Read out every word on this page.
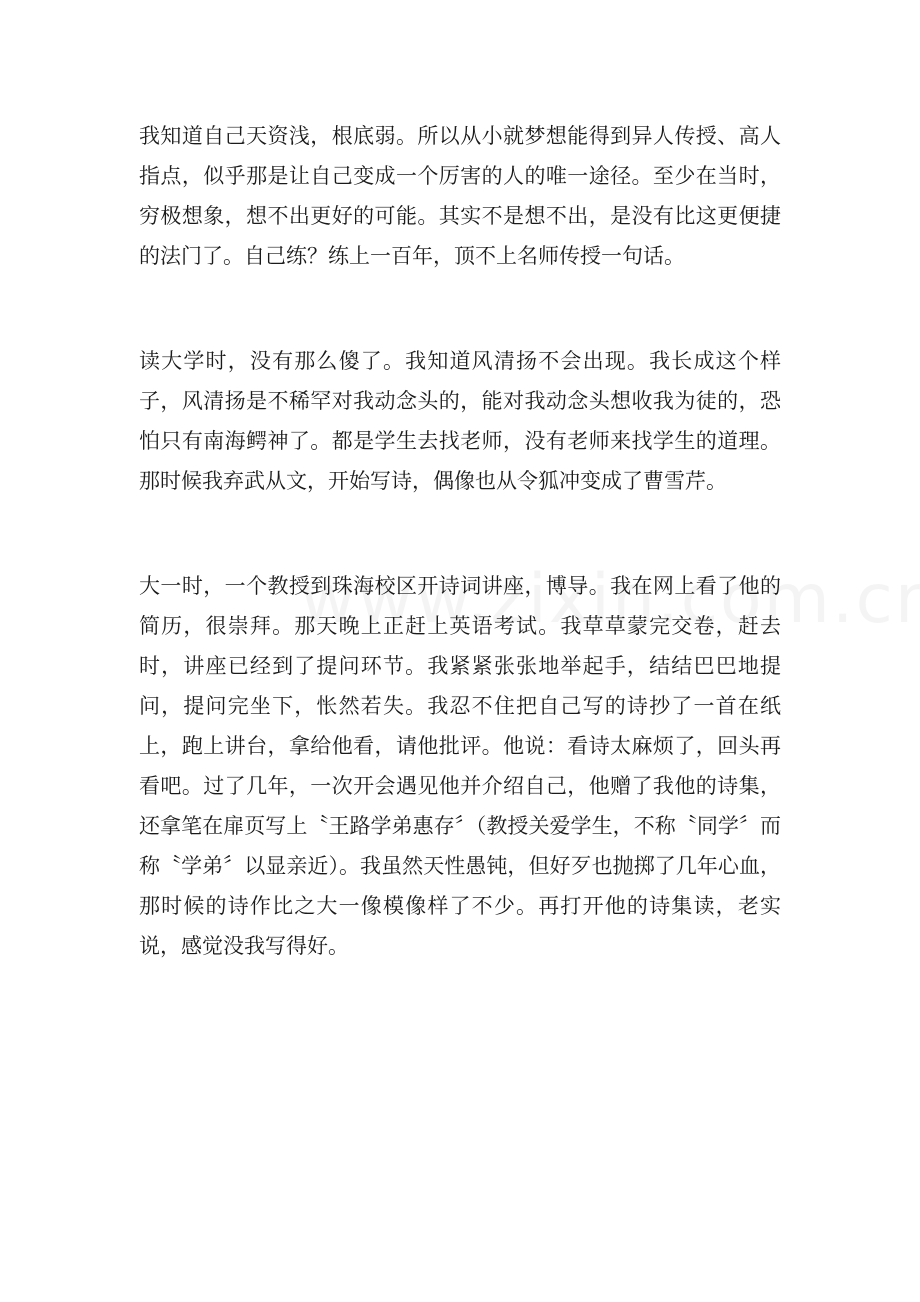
我知道自己天资浅，根底弱。所以从小就梦想能得到异人传授、高人指点，似乎那是让自己变成一个厉害的人的唯一途径。至少在当时，穷极想象，想不出更好的可能。其实不是想不出，是没有比这更便捷的法门了。自己练？练上一百年，顶不上名师传授一句话。

读大学时，没有那么傻了。我知道风清扬不会出现。我长成这个样子，风清扬是不稀罕对我动念头的，能对我动念头想收我为徒的，恐怕只有南海鳄神了。都是学生去找老师，没有老师来找学生的道理。那时候我弃武从文，开始写诗，偶像也从令狐冲变成了曹雪芹。

大一时，一个教授到珠海校区开诗词讲座，博导。我在网上看了他的简历，很崇拜。那天晚上正赶上英语考试。我草草蒙完交卷，赶去时，讲座已经到了提问环节。我紧紧张张地举起手，结结巴巴地提问，提问完坐下，怅然若失。我忍不住把自己写的诗抄了一首在纸上，跑上讲台，拿给他看，请他批评。他说：看诗太麻烦了，回头再看吧。过了几年，一次开会遇见他并介绍自己，他赠了我他的诗集，还拿笔在扉页写上〝王路学弟惠存〞（教授关爱学生，不称〝同学〞而称〝学弟〞以显亲近）。我虽然天性愚钝，但好歹也抛掷了几年心血，那时候的诗作比之大一像模像样了不少。再打开他的诗集读，老实说，感觉没我写得好。
